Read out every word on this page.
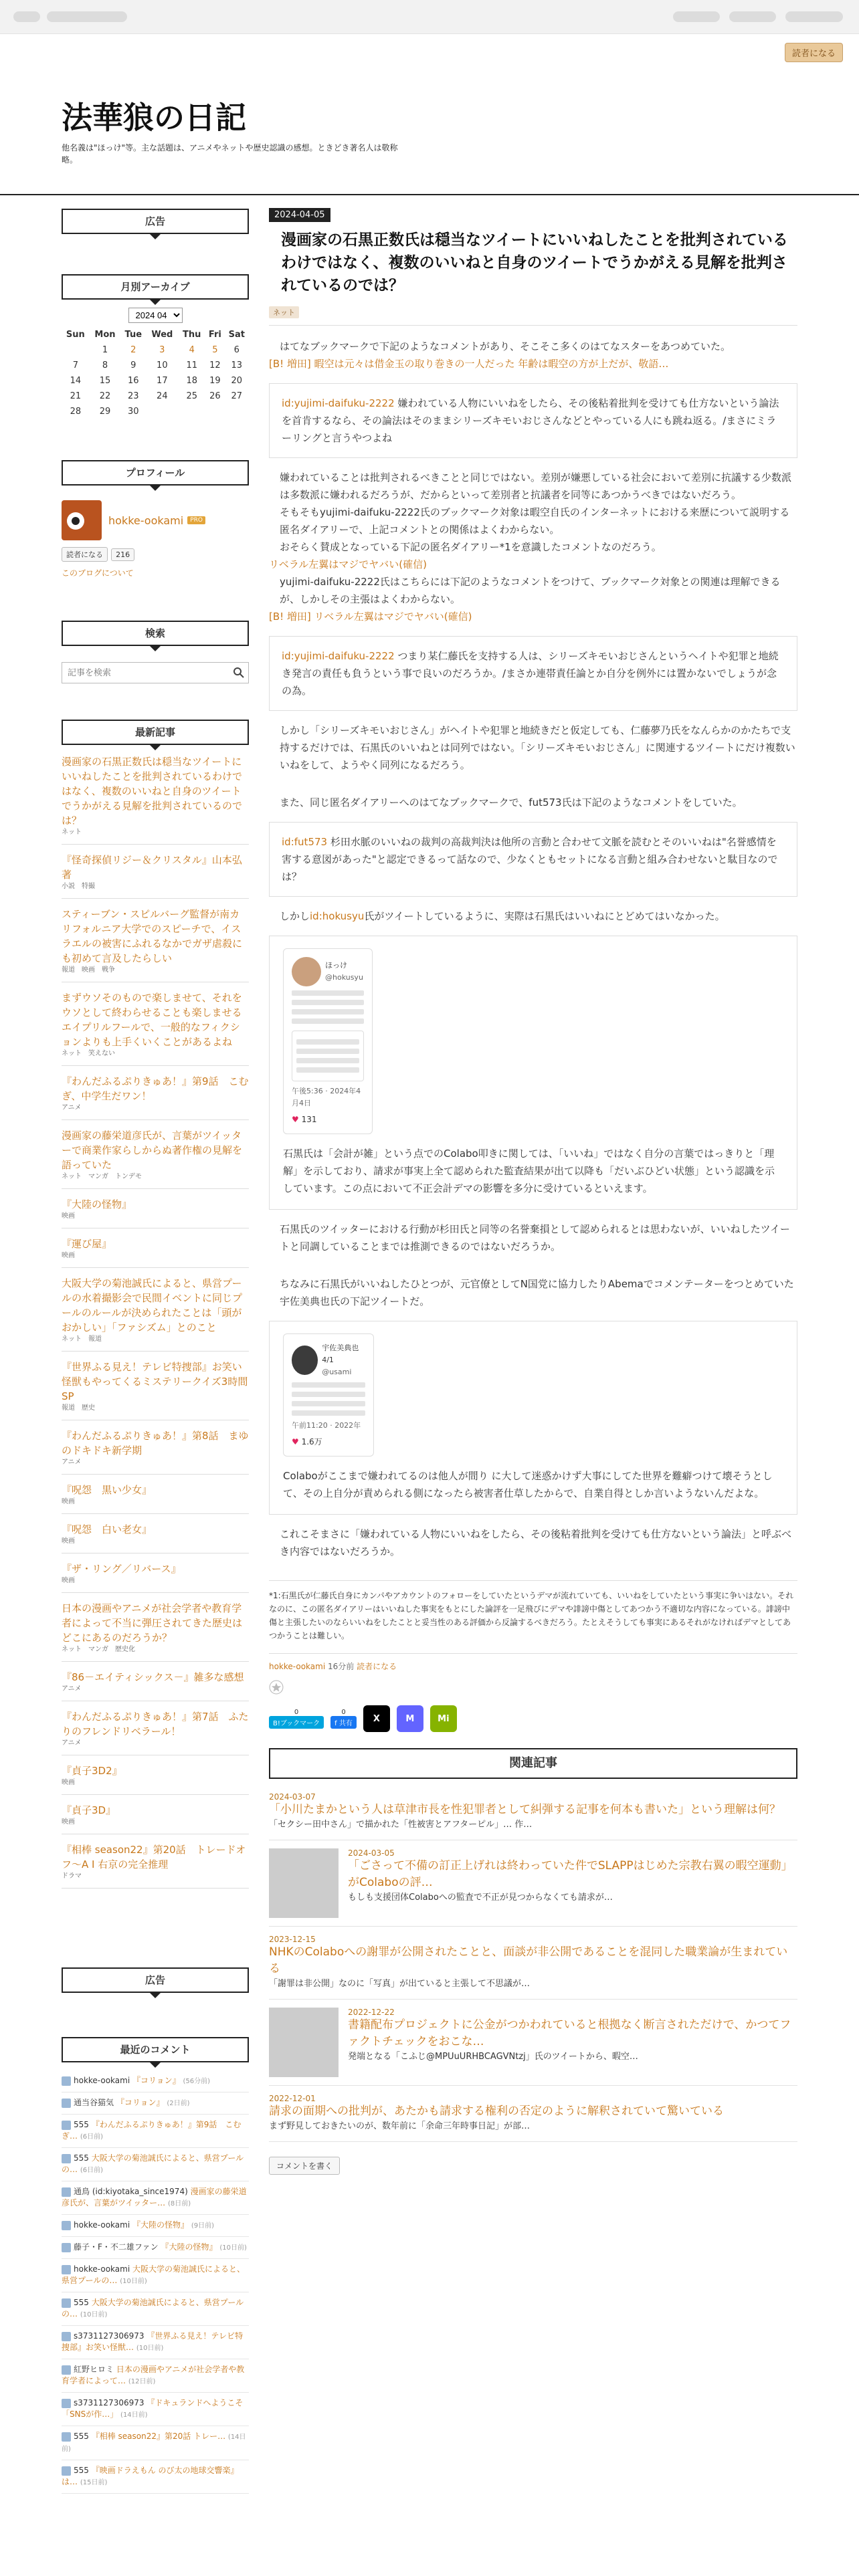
読者になる
法華狼の日記
他名義は"ほっけ"等。主な話題は、アニメやネットや歴史認識の感想。ときどき著名人は敬称略。
広告
月別アーカイブ
2024 04
Sun	Mon	Tue	Wed	Thu	Fri	Sat
	1	2	3	4	5	6
7	8	9	10	11	12	13
14	15	16	17	18	19	20
21	22	23	24	25	26	27
28	29	30				
プロフィール
hokke-ookami	PRO
読者になる 216
このブログについて
検索
記事を検索
最新記事
漫画家の石黒正数氏は穏当なツイートにいいねしたことを批判されているわけではなく、複数のいいねと自身のツイートでうかがえる見解を批判されているのでは？
ネット
『怪奇探偵リジー＆クリスタル』山本弘著
小説　特撮
スティーブン・スピルバーグ監督が南カリフォルニア大学でのスピーチで、イスラエルの被害にふれるなかでガザ虐殺にも初めて言及したらしい
報道　映画　戦争
まずウソそのもので楽しませて、それをウソとして終わらせることも楽しませるエイプリルフールで、一般的なフィクションよりも上手くいくことがあるよね
ネット　笑えない
『わんだふるぷりきゅあ！』第9話　こむぎ、中学生だワン！
アニメ
漫画家の藤栄道彦氏が、言葉がツイッターで商業作家らしからぬ著作権の見解を語っていた
ネット　マンガ　トンデモ
『大陸の怪物』
映画
『運び屋』
映画
大阪大学の菊池誠氏によると、県営プールの水着撮影会で民間イベントに同じプールのルールが決められたことは「頭がおかしい」「ファシズム」とのこと
ネット　報道
『世界ふる見え！テレビ特捜部』お笑い怪獣もやってくるミステリークイズ3時間SP
報道　歴史
『わんだふるぷりきゅあ！』第8話　まゆのドキドキ新学期
アニメ
『呪怨　黒い少女』
映画
『呪怨　白い老女』
映画
『ザ・リング／リバース』
映画
日本の漫画やアニメが社会学者や教育学者によって不当に弾圧されてきた歴史はどこにあるのだろうか？
ネット　マンガ　歴史化
『86－エイティシックス－』雑多な感想
アニメ
『わんだふるぷりきゅあ！』第7話　ふたりのフレンドリベラール！
アニメ
『貞子3D2』
映画
『貞子3D』
映画
『相棒 season22』第20話　トレードオフ～A I 右京の完全推理
ドラマ
広告
最近のコメント
hokke-ookami 『コリョン』 (56分前)
通当谷猫気 『コリョン』 (2日前)
555 『わんだふるぷりきゅあ！』第9話　こむぎ… (6日前)
555 大阪大学の菊池誠氏によると、県営プールの… (6日前)
通鳥 (id:kiyotaka_since1974) 漫画家の藤栄道彦氏が、言葉がツイッター… (8日前)
hokke-ookami 『大陸の怪物』 (9日前)
藤子・F・不二雄ファン 『大陸の怪物』 (10日前)
hokke-ookami 大阪大学の菊池誠氏によると、県営プールの… (10日前)
555 大阪大学の菊池誠氏によると、県営プールの… (10日前)
s3731127306973 『世界ふる見え！テレビ特捜部』お笑い怪獣… (10日前)
紅野ヒロミ 日本の漫画やアニメが社会学者や教育学者によって… (12日前)
s3731127306973 『ドキュランドへようこそ「SNSが作…」 (14日前)
555 『相棒 season22』第20話 トレー… (14日前)
555 『映画ドラえもん のび太の地球交響楽』は… (15日前)
2024-04-05
漫画家の石黒正数氏は穏当なツイートにいいねしたことを批判されているわけではなく、複数のいいねと自身のツイートでうかがえる見解を批判されているのでは？
ネット

はてなブックマークで下記のようなコメントがあり、そこそこ多くのはてなスターをあつめていた。

[B! 増田] 暇空は元々は借金玉の取り巻きの一人だった 年齢は暇空の方が上だが、敬語…
id:yujimi-daifuku-2222 嫌われている人物にいいねをしたら、その後粘着批判を受けても仕方ないという論法を首肯するなら、その論法はそのままシリーズキモいおじさんなどとやっている人にも跳ね返る。/まさにミラーリングと言うやつよね

嫌われていることは批判されるべきことと同じではない。差別が嫌悪している社会において差別に抗議する少数派は多数派に嫌われるだろうが、だからといって差別者と抗議者を同等にあつかうべきではないだろう。

そもそもyujimi-daifuku-2222氏のブックマーク対象は暇空自氏のインターネットにおける来歴について説明する匿名ダイアリーで、上記コメントとの関係はよくわからない。

おそらく賛成となっている下記の匿名ダイアリー*1を意識したコメントなのだろう。

リベラル左翼はマジでヤバい(確信)

yujimi-daifuku-2222氏はこちらには下記のようなコメントをつけて、ブックマーク対象との関連は理解できるが、しかしその主張はよくわからない。

[B! 増田] リベラル左翼はマジでヤバい(確信)
id:yujimi-daifuku-2222 つまり某仁藤氏を支持する人は、シリーズキモいおじさんというヘイトや犯罪と地続き発言の責任も負うという事で良いのだろうか。/まさか連帯責任論とか自分を例外には置かないでしょうが念の為。

しかし「シリーズキモいおじさん」がヘイトや犯罪と地続きだと仮定しても、仁藤夢乃氏をなんらかのかたちで支持するだけでは、石黒氏のいいねとは同列ではない。「シリーズキモいおじさん」に関連するツイートにだけ複数いいねをして、ようやく同列になるだろう。

また、同じ匿名ダイアリーへのはてなブックマークで、fut573氏は下記のようなコメントをしていた。

id:fut573 杉田水脈のいいねの裁判の高裁判決は他所の言動と合わせて文脈を読むとそのいいねは"名誉感情を害する意図があった"と認定できるって話なので、少なくともセットになる言動と組み合わせないと駄目なのでは？

しかしid:hokusyu氏がツイートしているように、実際は石黒氏はいいねにとどめてはいなかった。

ほっけ
@hokusyu
午後5:36 · 2024年4月4日
♥ 131

石黒氏は「会計が雑」という点でのColabo叩きに関しては、「いいね」ではなく自分の言葉ではっきりと「理解」を示しており、請求が事実上全て認められた監査結果が出て以降も「だいぶひどい状態」という認識を示しています。この点において不正会計デマの影響を多分に受けているといえます。

石黒氏のツイッターにおける行動が杉田氏と同等の名誉棄損として認められるとは思わないが、いいねしたツイートと同調していることまでは推測できるのではないだろうか。

ちなみに石黒氏がいいねしたひとつが、元官僚としてN国党に協力したりAbemaでコメンテーターをつとめていた宇佐美典也氏の下記ツイートだ。

宇佐美典也4/1
@usami
午前11:20 · 2022年
♥ 1.6万

Colaboがここまで嫌われてるのは他人が間り に大して迷惑かけず大事にしてた世界を難癖つけて壊そうとして、その上自分が責められる側になったら被害者仕草したからで、自業自得としか言いようないんだよな。

これこそまさに「嫌われている人物にいいねをしたら、その後粘着批判を受けても仕方ないという論法」と呼ぶべき内容ではないだろうか。

*1:石黒氏が仁藤氏自身にカンパやアカウントのフォローをしていたというデマが流れていても、いいねをしていたという事実に争いはない。それなのに、この匿名ダイアリーはいいねした事実をもとにした論評を一足飛びにデマや誹謗中傷としてあつかう不適切な内容になっている。誹謗中傷と主張したいのならいいねをしたことと妥当性のある評価から反論するべきだろう。たとえそうしても事実にあるそれがなければデマとしてあつかうことは難しい。
hokke-ookami 16分前 読者になる
0
B!ブックマーク
0
f 共有	X	M	Mi
関連記事
2024-03-07
「小川たまかという人は草津市長を性犯罪者として糾弾する記事を何本も書いた」という理解は何？
「セクシー田中さん」で描かれた「性被害とアフターピル」… 作…
2024-03-05
「ごさって不備の訂正上げれは終わっていた件でSLAPPはじめた宗教右翼の暇空運動」がColaboの評…
もしも支援団体Colaboへの監査で不正が見つからなくても請求が…
2023-12-15
NHKのColaboへの謝罪が公開されたことと、面談が非公開であることを混同した職業論が生まれている
「謝罪は非公開」なのに「写真」が出ていると主張して不思議が…
2022-12-22
書籍配布プロジェクトに公金がつかわれていると根拠なく断言されただけで、かつてファクトチェックをおこな…
発端となる「こふじ@MPUuURHBCAGVNtzj」氏のツイートから、暇空…
2022-12-01
請求の面期への批判が、あたかも請求する権利の否定のように解釈されていて驚いている
まず野見しておきたいのが、数年前に「余命三年時事日記」が部…
コメントを書く
